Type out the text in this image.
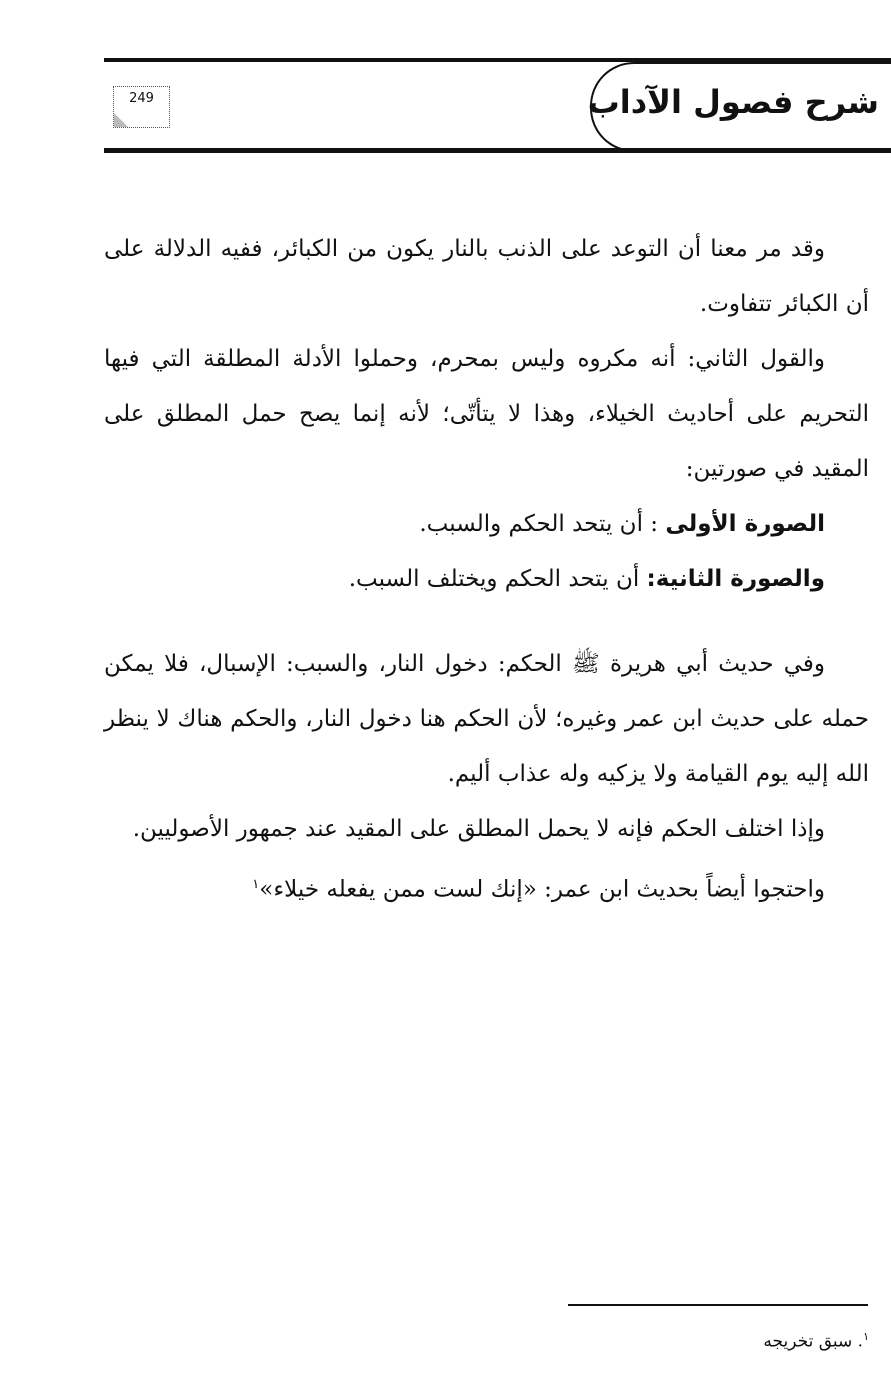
شرح فصول الآداب
249

وقد مر معنا أن التوعد على الذنب بالنار يكون من الكبائر، ففيه الدلالة على أن الكبائر تتفاوت.

والقول الثاني: أنه مكروه وليس بمحرم، وحملوا الأدلة المطلقة التي فيها التحريم على أحاديث الخيلاء، وهذا لا يتأتّى؛ لأنه إنما يصح حمل المطلق على المقيد في صورتين:

الصورة الأولى : أن يتحد الحكم والسبب.

والصورة الثانية: أن يتحد الحكم ويختلف السبب.

وفي حديث أبي هريرة ﷺ الحكم: دخول النار، والسبب: الإسبال، فلا يمكن حمله على حديث ابن عمر وغيره؛ لأن الحكم هنا دخول النار، والحكم هناك لا ينظر الله إليه يوم القيامة ولا يزكيه وله عذاب أليم.

وإذا اختلف الحكم فإنه لا يحمل المطلق على المقيد عند جمهور الأصوليين.

واحتجوا أيضاً بحديث ابن عمر: «إنك لست ممن يفعله خيلاء»$^١$

$^١$. سبق تخريجه
